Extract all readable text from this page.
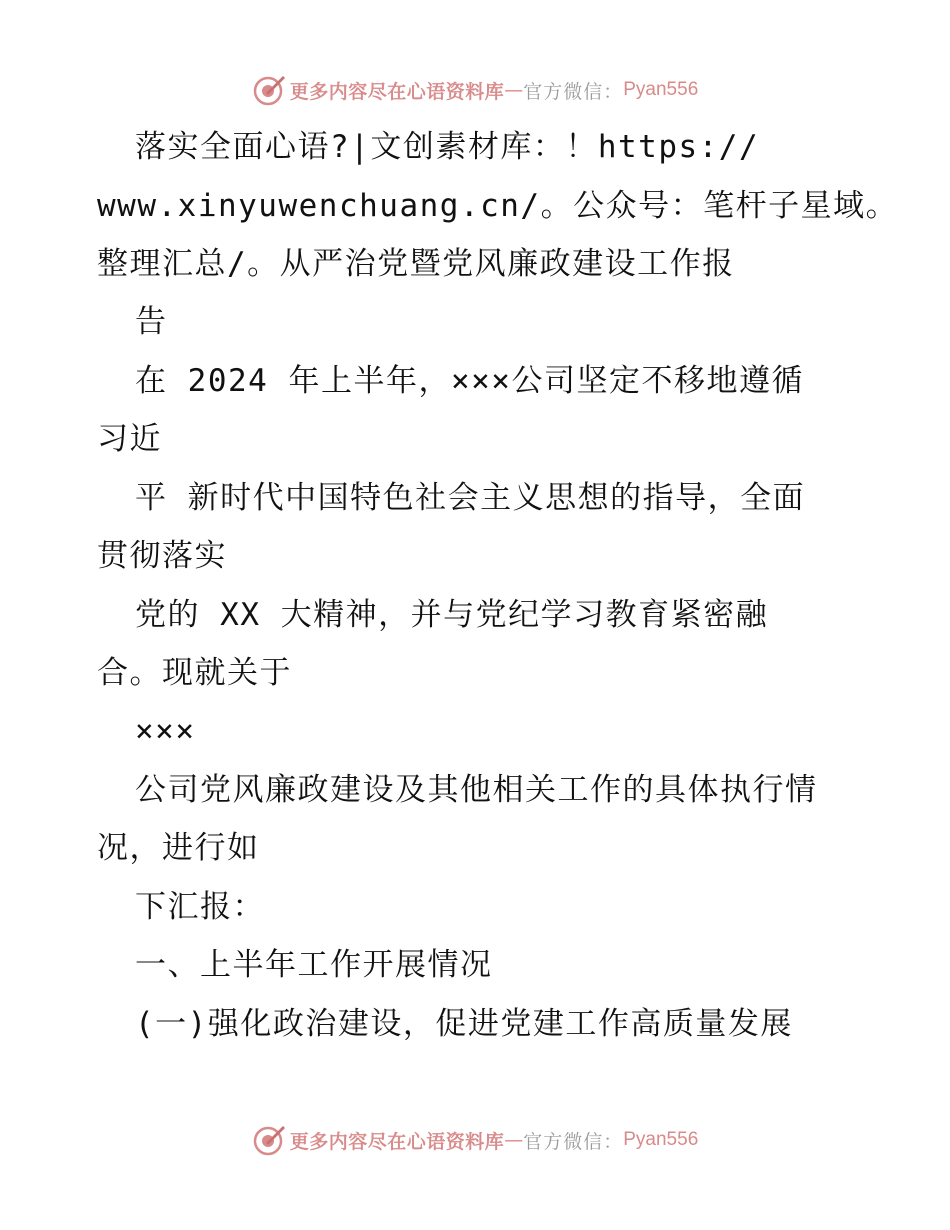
更多内容尽在心语资料库 — 官方微信： Pyan556
落实全面心语?|文创素材库：！https://
www.xinyuwenchuang.cn/。公众号：笔杆子星域。
整理汇总/。从严治党暨党风廉政建设工作报
告
在 2024 年上半年，×××公司坚定不移地遵循
习近
平 新时代中国特色社会主义思想的指导，全面
贯彻落实
党的 XX 大精神，并与党纪学习教育紧密融
合。现就关于
×××
公司党风廉政建设及其他相关工作的具体执行情
况，进行如
下汇报：
一、上半年工作开展情况
(一)强化政治建设，促进党建工作高质量发展
更多内容尽在心语资料库 — 官方微信： Pyan556
